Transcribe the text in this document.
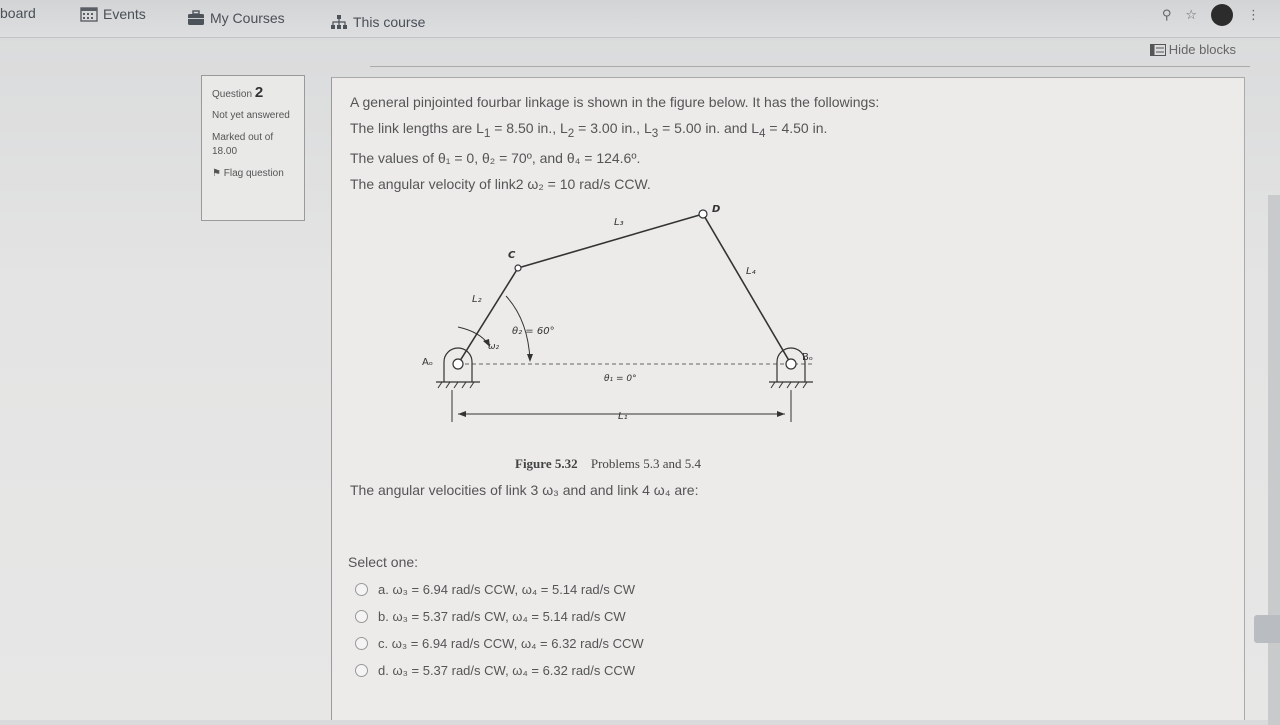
board	Events	My Courses	This course	⚲ ☆	⋮
Hide blocks
Question 2

Not yet answered

Marked out of 18.00

⚑ Flag question

A general pinjointed fourbar linkage is shown in the figure below. It has the followings:
The link lengths are $L_1 = 8.50$ in., $L_2 = 3.00$ in., $L_3 = 5.00$ in. and $L_4 = 4.50$ in.
The values of θ₁ = 0, θ₂ = 70º, and θ₄ = 124.6º.
The angular velocity of link2 ω₂ = 10 rad/s CCW.
L₃
C
D
L₄
L₂
θ₂ = 60°
ω₂
Aₒ	Bₒ
θ₁ = 0°
L₁
Figure 5.32 Problems 5.3 and 5.4
The angular velocities of link 3 ω₃ and and link 4 ω₄ are:
Select one:
a. ω₃ = 6.94 rad/s CCW, ω₄ = 5.14 rad/s CW
b. ω₃ = 5.37 rad/s CW, ω₄ = 5.14 rad/s CW
c. ω₃ = 6.94 rad/s CCW, ω₄ = 6.32 rad/s CCW
d. ω₃ = 5.37 rad/s CW, ω₄ = 6.32 rad/s CCW
